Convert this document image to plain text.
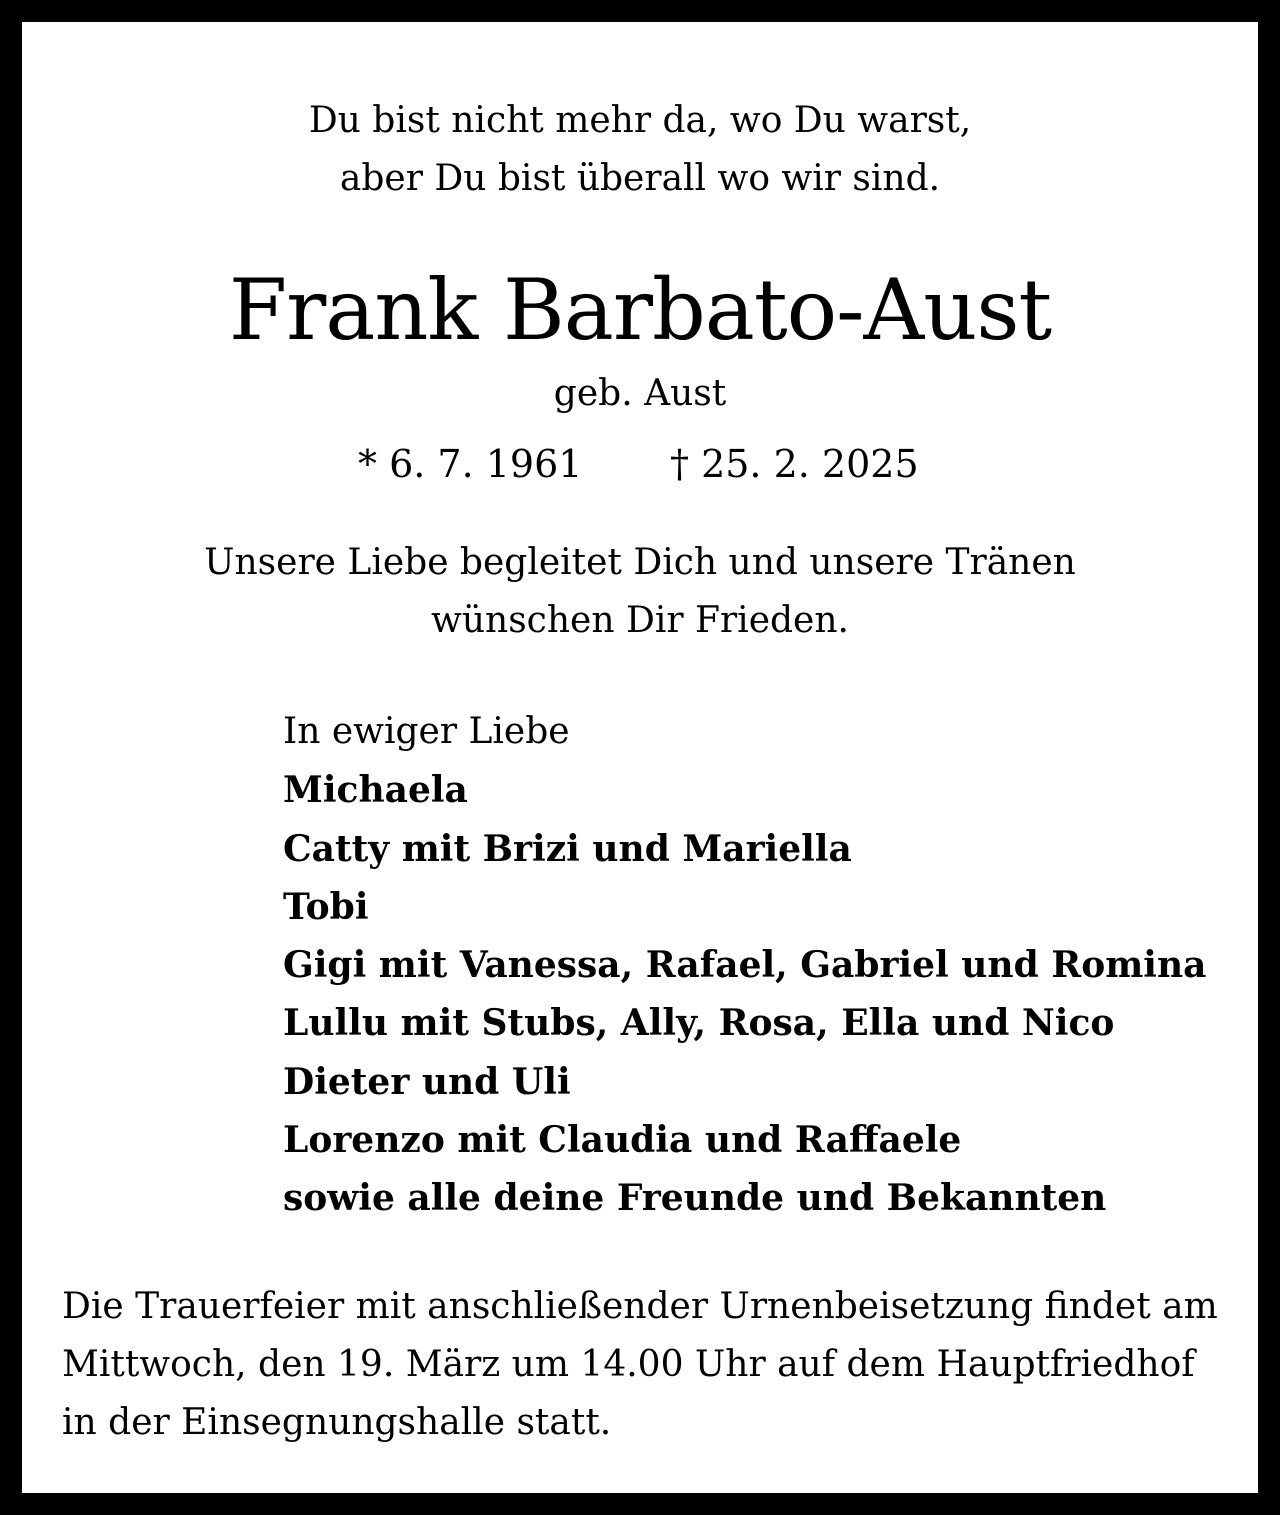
Du bist nicht mehr da, wo Du warst,
aber Du bist überall wo wir sind.
Frank Barbato-Aust
geb. Aust
* 6. 7. 1961 † 25. 2. 2025
Unsere Liebe begleitet Dich und unsere Tränen
wünschen Dir Frieden.
In ewiger Liebe
Michaela
Catty mit Brizi und Mariella
Tobi
Gigi mit Vanessa, Rafael, Gabriel und Romina
Lullu mit Stubs, Ally, Rosa, Ella und Nico
Dieter und Uli
Lorenzo mit Claudia und Raffaele
sowie alle deine Freunde und Bekannten
Die Trauerfeier mit anschließender Urnenbeisetzung findet am
Mittwoch, den 19. März um 14.00 Uhr auf dem Hauptfriedhof
in der Einsegnungshalle statt.
